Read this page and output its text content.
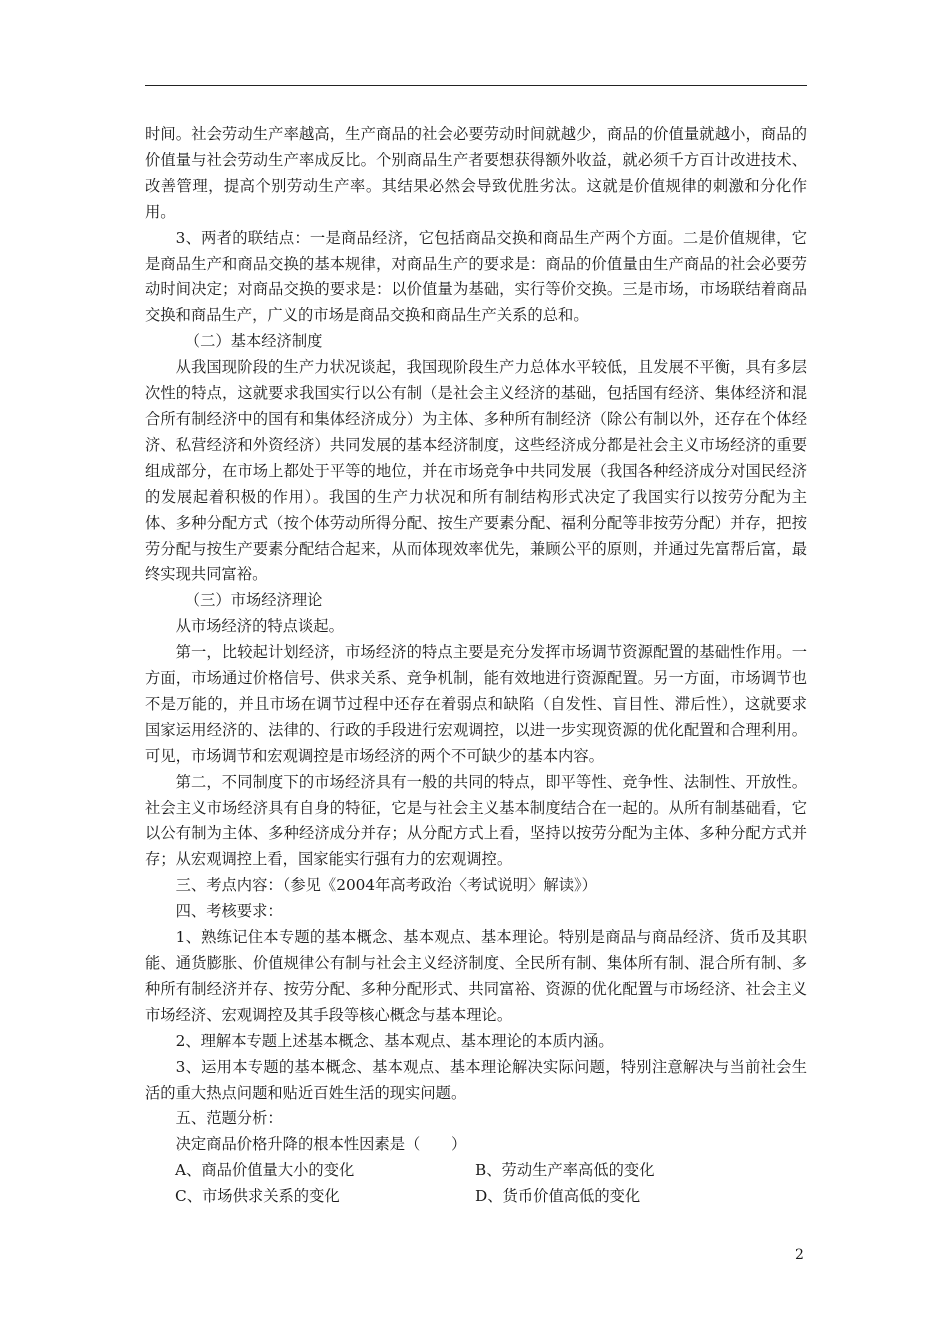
时间。社会劳动生产率越高，生产商品的社会必要劳动时间就越少，商品的价值量就越小，商品的价值量与社会劳动生产率成反比。个别商品生产者要想获得额外收益，就必须千方百计改进技术、改善管理，提高个别劳动生产率。其结果必然会导致优胜劣汰。这就是价值规律的刺激和分化作用。

3、两者的联结点：一是商品经济，它包括商品交换和商品生产两个方面。二是价值规律，它是商品生产和商品交换的基本规律，对商品生产的要求是：商品的价值量由生产商品的社会必要劳动时间决定；对商品交换的要求是：以价值量为基础，实行等价交换。三是市场，市场联结着商品交换和商品生产，广义的市场是商品交换和商品生产关系的总和。

（二）基本经济制度

从我国现阶段的生产力状况谈起，我国现阶段生产力总体水平较低，且发展不平衡，具有多层次性的特点，这就要求我国实行以公有制（是社会主义经济的基础，包括国有经济、集体经济和混合所有制经济中的国有和集体经济成分）为主体、多种所有制经济（除公有制以外，还存在个体经济、私营经济和外资经济）共同发展的基本经济制度，这些经济成分都是社会主义市场经济的重要组成部分，在市场上都处于平等的地位，并在市场竞争中共同发展（我国各种经济成分对国民经济的发展起着积极的作用）。我国的生产力状况和所有制结构形式决定了我国实行以按劳分配为主体、多种分配方式（按个体劳动所得分配、按生产要素分配、福利分配等非按劳分配）并存，把按劳分配与按生产要素分配结合起来，从而体现效率优先，兼顾公平的原则，并通过先富帮后富，最终实现共同富裕。

（三）市场经济理论

从市场经济的特点谈起。

第一，比较起计划经济，市场经济的特点主要是充分发挥市场调节资源配置的基础性作用。一方面，市场通过价格信号、供求关系、竞争机制，能有效地进行资源配置。另一方面，市场调节也不是万能的，并且市场在调节过程中还存在着弱点和缺陷（自发性、盲目性、滞后性），这就要求国家运用经济的、法律的、行政的手段进行宏观调控，以进一步实现资源的优化配置和合理利用。可见，市场调节和宏观调控是市场经济的两个不可缺少的基本内容。

第二，不同制度下的市场经济具有一般的共同的特点，即平等性、竞争性、法制性、开放性。社会主义市场经济具有自身的特征，它是与社会主义基本制度结合在一起的。从所有制基础看，它以公有制为主体、多种经济成分并存；从分配方式上看，坚持以按劳分配为主体、多种分配方式并存；从宏观调控上看，国家能实行强有力的宏观调控。

三、考点内容：（参见《2004年高考政治〈考试说明〉解读》）

四、考核要求：

1、熟练记住本专题的基本概念、基本观点、基本理论。特别是商品与商品经济、货币及其职能、通货膨胀、价值规律公有制与社会主义经济制度、全民所有制、集体所有制、混合所有制、多种所有制经济并存、按劳分配、多种分配形式、共同富裕、资源的优化配置与市场经济、社会主义市场经济、宏观调控及其手段等核心概念与基本理论。

2、理解本专题上述基本概念、基本观点、基本理论的本质内涵。

3、运用本专题的基本概念、基本观点、基本理论解决实际问题，特别注意解决与当前社会生活的重大热点问题和贴近百姓生活的现实问题。

五、范题分析：

决定商品价格升降的根本性因素是（　　）

A、商品价值量大小的变化	B、劳动生产率高低的变化
C、市场供求关系的变化	D、货币价值高低的变化
2
